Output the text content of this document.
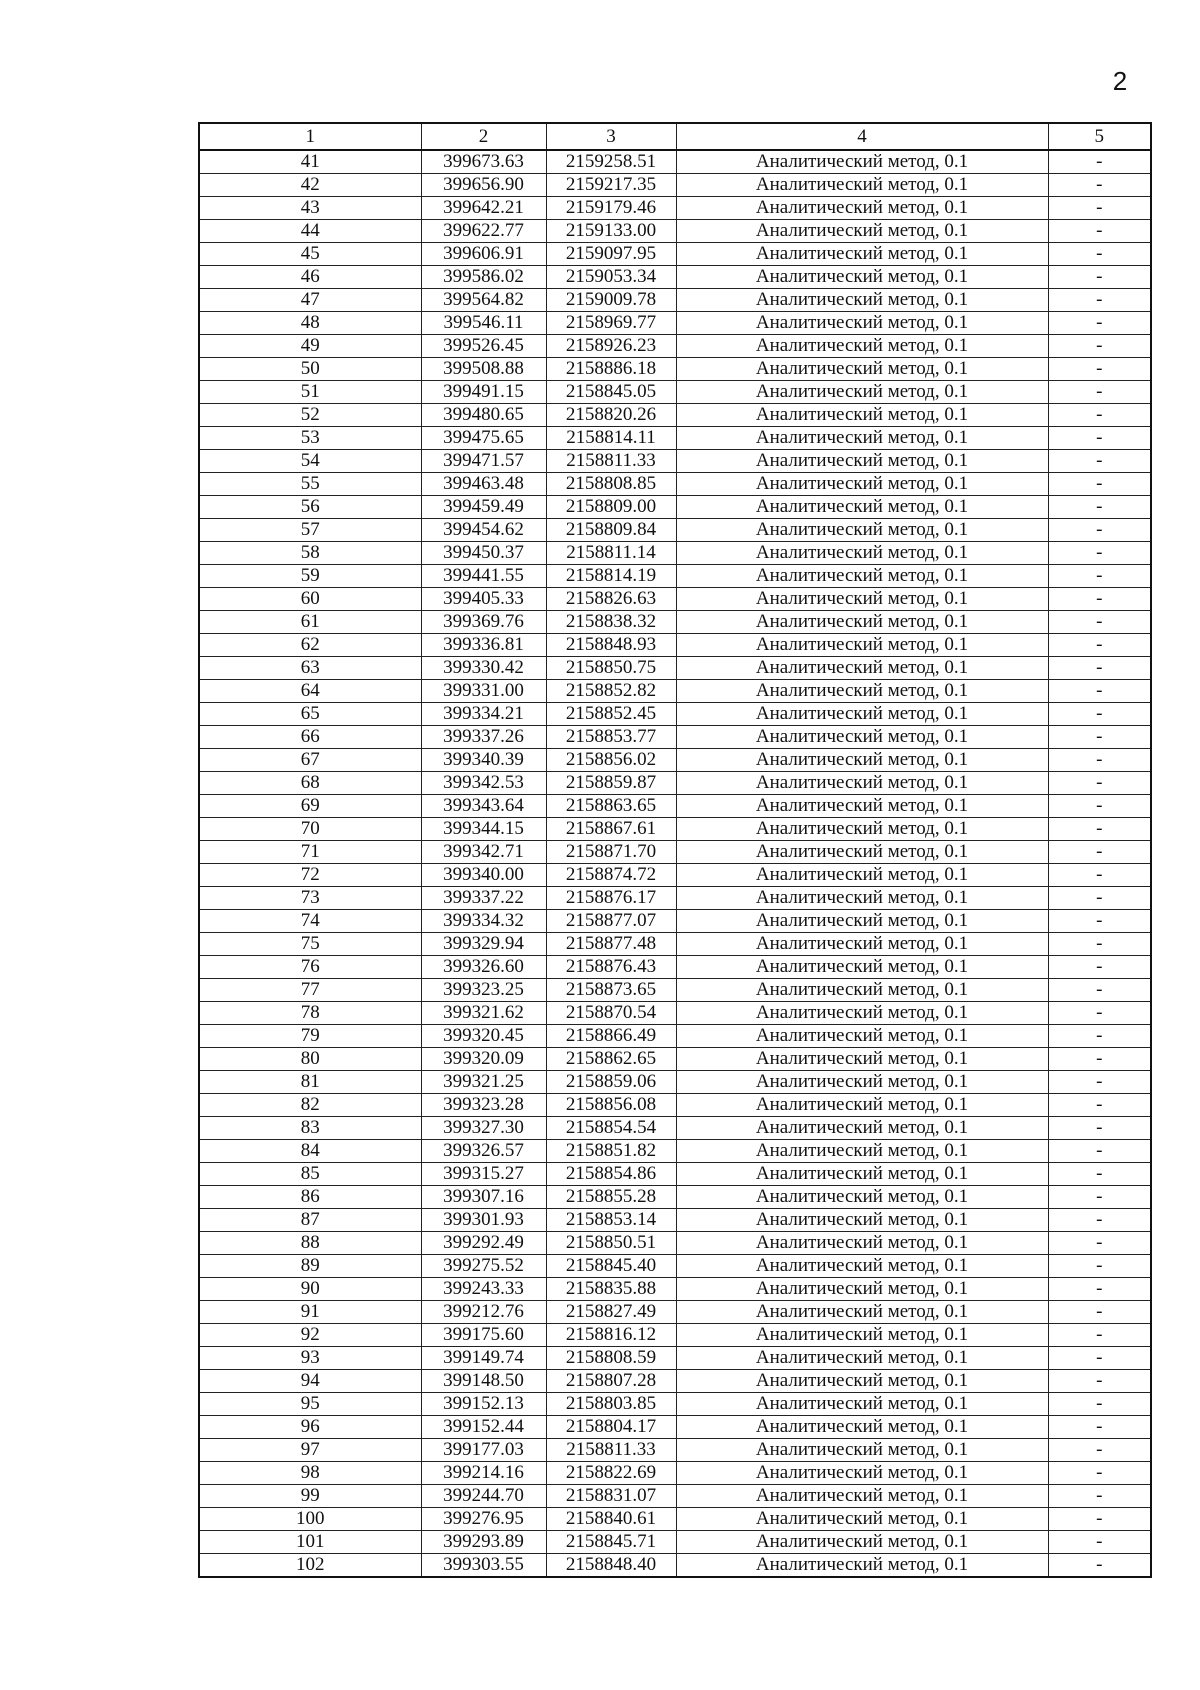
2
1	2	3	4	5
41	399673.63	2159258.51	Аналитический метод, 0.1	-
42	399656.90	2159217.35	Аналитический метод, 0.1	-
43	399642.21	2159179.46	Аналитический метод, 0.1	-
44	399622.77	2159133.00	Аналитический метод, 0.1	-
45	399606.91	2159097.95	Аналитический метод, 0.1	-
46	399586.02	2159053.34	Аналитический метод, 0.1	-
47	399564.82	2159009.78	Аналитический метод, 0.1	-
48	399546.11	2158969.77	Аналитический метод, 0.1	-
49	399526.45	2158926.23	Аналитический метод, 0.1	-
50	399508.88	2158886.18	Аналитический метод, 0.1	-
51	399491.15	2158845.05	Аналитический метод, 0.1	-
52	399480.65	2158820.26	Аналитический метод, 0.1	-
53	399475.65	2158814.11	Аналитический метод, 0.1	-
54	399471.57	2158811.33	Аналитический метод, 0.1	-
55	399463.48	2158808.85	Аналитический метод, 0.1	-
56	399459.49	2158809.00	Аналитический метод, 0.1	-
57	399454.62	2158809.84	Аналитический метод, 0.1	-
58	399450.37	2158811.14	Аналитический метод, 0.1	-
59	399441.55	2158814.19	Аналитический метод, 0.1	-
60	399405.33	2158826.63	Аналитический метод, 0.1	-
61	399369.76	2158838.32	Аналитический метод, 0.1	-
62	399336.81	2158848.93	Аналитический метод, 0.1	-
63	399330.42	2158850.75	Аналитический метод, 0.1	-
64	399331.00	2158852.82	Аналитический метод, 0.1	-
65	399334.21	2158852.45	Аналитический метод, 0.1	-
66	399337.26	2158853.77	Аналитический метод, 0.1	-
67	399340.39	2158856.02	Аналитический метод, 0.1	-
68	399342.53	2158859.87	Аналитический метод, 0.1	-
69	399343.64	2158863.65	Аналитический метод, 0.1	-
70	399344.15	2158867.61	Аналитический метод, 0.1	-
71	399342.71	2158871.70	Аналитический метод, 0.1	-
72	399340.00	2158874.72	Аналитический метод, 0.1	-
73	399337.22	2158876.17	Аналитический метод, 0.1	-
74	399334.32	2158877.07	Аналитический метод, 0.1	-
75	399329.94	2158877.48	Аналитический метод, 0.1	-
76	399326.60	2158876.43	Аналитический метод, 0.1	-
77	399323.25	2158873.65	Аналитический метод, 0.1	-
78	399321.62	2158870.54	Аналитический метод, 0.1	-
79	399320.45	2158866.49	Аналитический метод, 0.1	-
80	399320.09	2158862.65	Аналитический метод, 0.1	-
81	399321.25	2158859.06	Аналитический метод, 0.1	-
82	399323.28	2158856.08	Аналитический метод, 0.1	-
83	399327.30	2158854.54	Аналитический метод, 0.1	-
84	399326.57	2158851.82	Аналитический метод, 0.1	-
85	399315.27	2158854.86	Аналитический метод, 0.1	-
86	399307.16	2158855.28	Аналитический метод, 0.1	-
87	399301.93	2158853.14	Аналитический метод, 0.1	-
88	399292.49	2158850.51	Аналитический метод, 0.1	-
89	399275.52	2158845.40	Аналитический метод, 0.1	-
90	399243.33	2158835.88	Аналитический метод, 0.1	-
91	399212.76	2158827.49	Аналитический метод, 0.1	-
92	399175.60	2158816.12	Аналитический метод, 0.1	-
93	399149.74	2158808.59	Аналитический метод, 0.1	-
94	399148.50	2158807.28	Аналитический метод, 0.1	-
95	399152.13	2158803.85	Аналитический метод, 0.1	-
96	399152.44	2158804.17	Аналитический метод, 0.1	-
97	399177.03	2158811.33	Аналитический метод, 0.1	-
98	399214.16	2158822.69	Аналитический метод, 0.1	-
99	399244.70	2158831.07	Аналитический метод, 0.1	-
100	399276.95	2158840.61	Аналитический метод, 0.1	-
101	399293.89	2158845.71	Аналитический метод, 0.1	-
102	399303.55	2158848.40	Аналитический метод, 0.1	-
